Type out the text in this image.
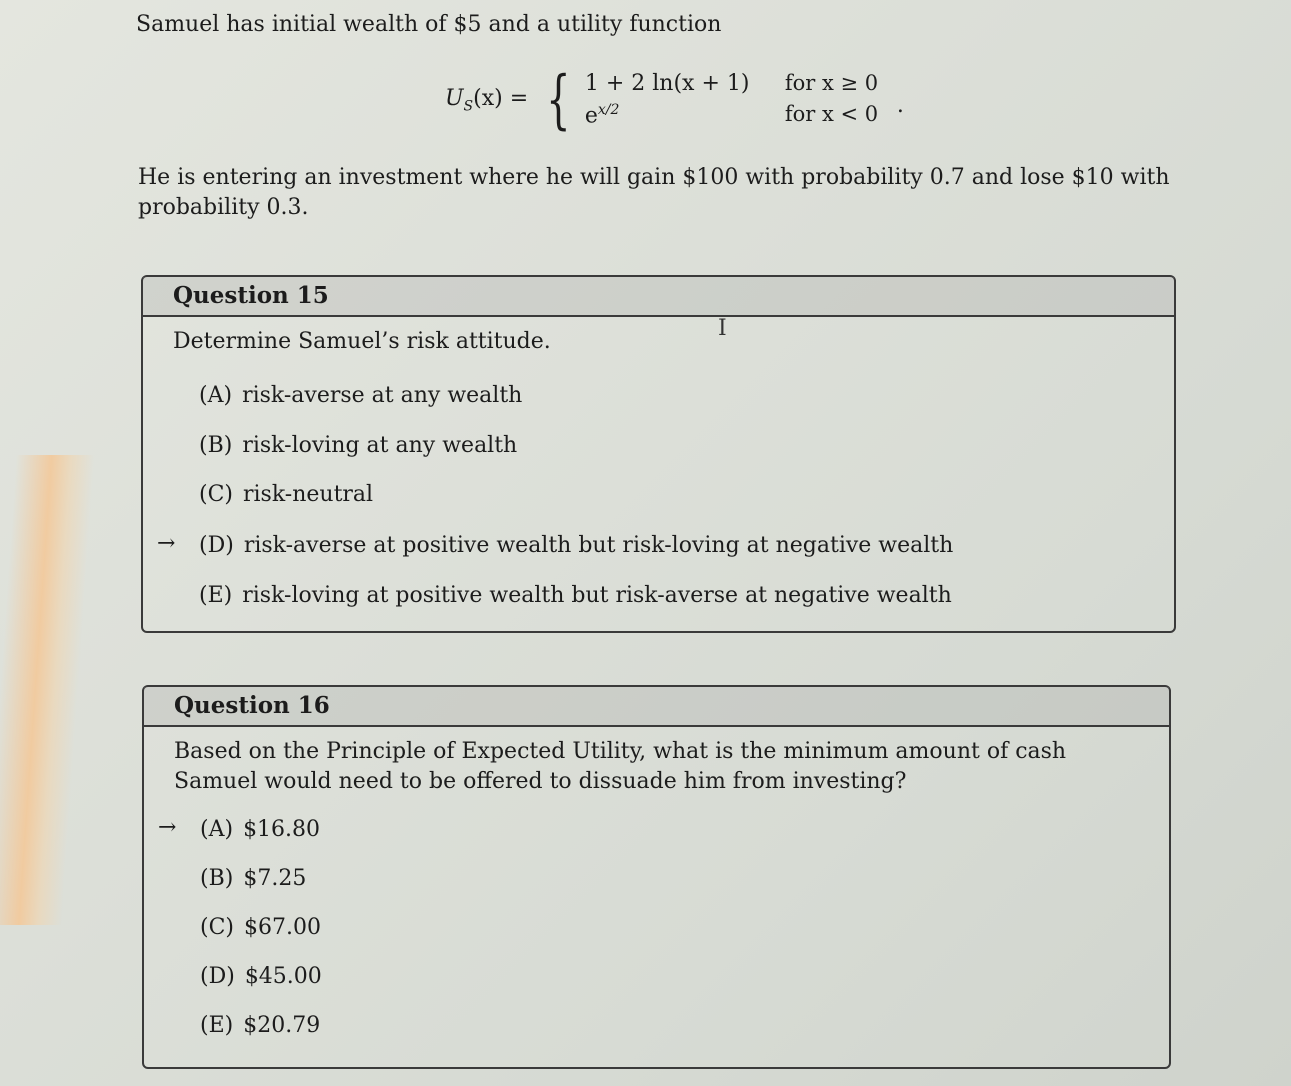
Samuel has initial wealth of $5 and a utility function
$U_S(x)$ = { 1 + 2 ln(x + 1)	for x ≥ 0
$e^{x/2}$	for x < 0 .
He is entering an investment where he will gain $100 with probability 0.7 and lose $10 with probability 0.3.
Question 15
Determine Samuel’s risk attitude.
(A) risk-averse at any wealth
(B) risk-loving at any wealth
(C) risk-neutral
→ (D) risk-averse at positive wealth but risk-loving at negative wealth
(E) risk-loving at positive wealth but risk-averse at negative wealth
I
Question 16
Based on the Principle of Expected Utility, what is the minimum amount of cash Samuel would need to be offered to dissuade him from investing?
→ (A) $16.80
(B) $7.25
(C) $67.00
(D) $45.00
(E) $20.79
